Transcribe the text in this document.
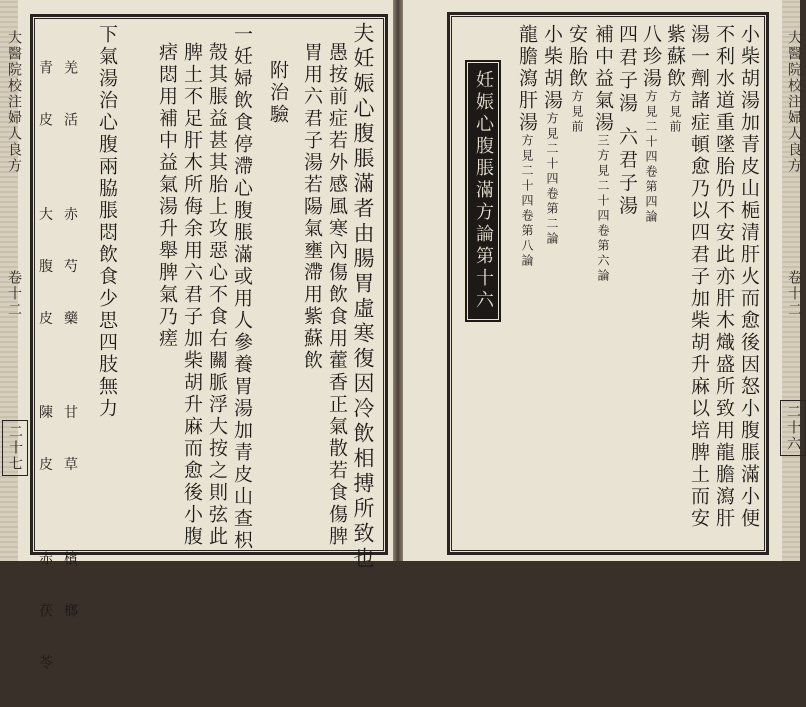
大醫院校注婦人良方
卷十二
二十七	夫妊娠心腹脹滿者由腸胃虛寒復因冷飲相搏所致也
愚按前症若外感風寒內傷飲食用藿香正氣散若食傷脾
胃用六君子湯若陽氣壅滯用紫蘇飲
附治驗
一妊婦飲食停滯心腹脹滿或用人參養胃湯加青皮山查枳
殼其脹益甚其胎上攻惡心不食右關脈浮大按之則弦此
脾土不足肝木所侮余用六君子加柴胡升麻而愈後小腹
痞悶用補中益氣湯升舉脾氣乃瘥
下氣湯治心腹兩脇脹悶飲食少思四肢無力
羌活 赤芍藥 甘草 檳榔
青皮 大腹皮 陳皮 赤茯苓	小柴胡湯加青皮山梔清肝火而愈後因怒小腹脹滿小便
不利水道重墜胎仍不安此亦肝木熾盛所致用龍膽瀉肝
湯一劑諸症頓愈乃以四君子加柴胡升麻以培脾土而安
紫蘇飲方見前
八珍湯方見二十四卷第四論
四君子湯 六君子湯
補中益氣湯三方見二十四卷第六論
安胎飲方見前
小柴胡湯方見二十四卷第二論
龍膽瀉肝湯方見二十四卷第八論
妊娠心腹脹滿方論第十六	大醫院校注婦人良方
卷十二
二十六
